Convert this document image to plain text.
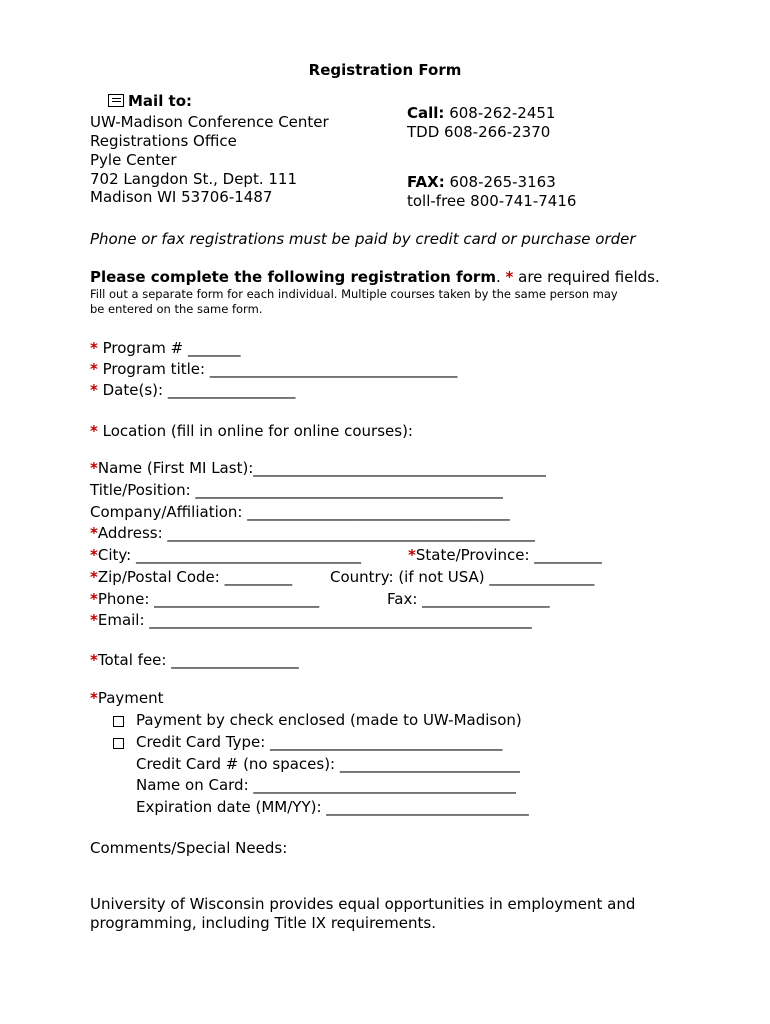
Registration Form
Mail to:
UW-Madison Conference Center
Registrations Office
Pyle Center
702 Langdon St., Dept. 111
Madison WI 53706-1487
Call: 608-262-2451
TDD 608-266-2370
FAX: 608-265-3163
toll-free 800-741-7416
Phone or fax registrations must be paid by credit card or purchase order
Please complete the following registration form. * are required fields.
Fill out a separate form for each individual. Multiple courses taken by the same person may
be entered on the same form.
* Program # _______
* Program title: _________________________________
* Date(s): _________________
* Location (fill in online for online courses):
*Name (First MI Last):_______________________________________
Title/Position: _________________________________________
Company/Affiliation: ___________________________________
*Address: _________________________________________________
*City: ______________________________	*State/Province: _________
*Zip/Postal Code: _________	Country: (if not USA) ______________
*Phone: ______________________	Fax: _________________
*Email: ___________________________________________________
*Total fee: _________________
*Payment
Payment by check enclosed (made to UW-Madison)
Credit Card Type: _______________________________
Credit Card # (no spaces): ________________________
Name on Card: ___________________________________
Expiration date (MM/YY): ___________________________
Comments/Special Needs:
University of Wisconsin provides equal opportunities in employment and
programming, including Title IX requirements.
